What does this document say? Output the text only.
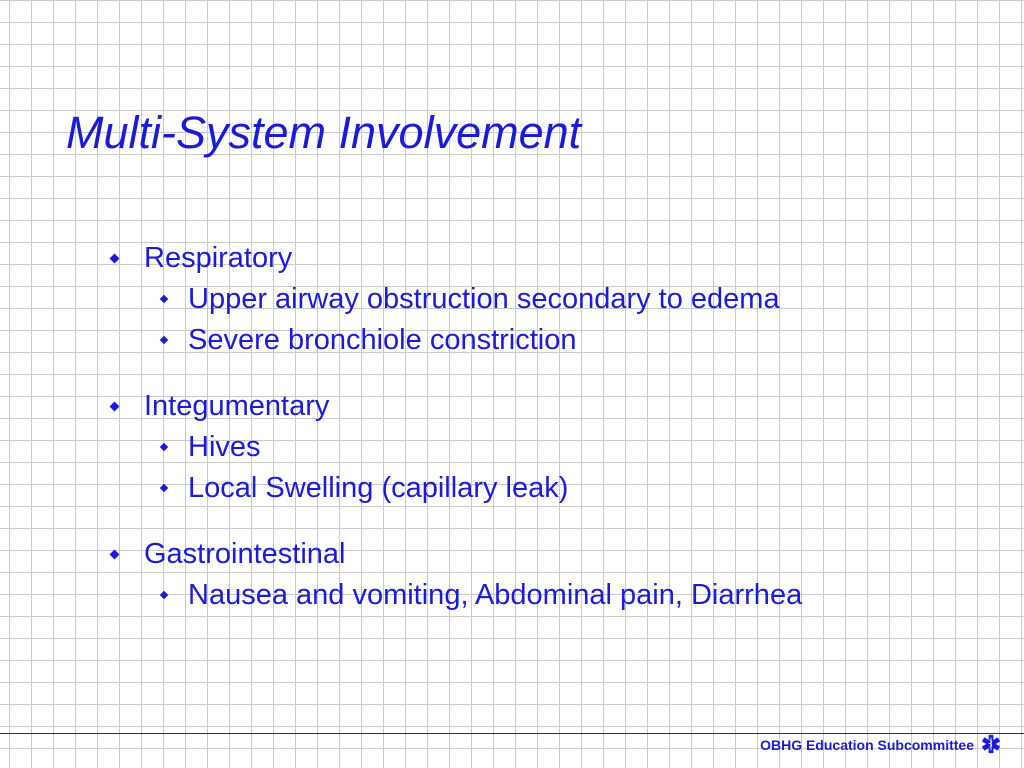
Multi-System Involvement
Respiratory
Upper airway obstruction secondary to edema
Severe bronchiole constriction
Integumentary
Hives
Local Swelling (capillary leak)
Gastrointestinal
Nausea and vomiting, Abdominal pain, Diarrhea
OBHG Education Subcommittee
